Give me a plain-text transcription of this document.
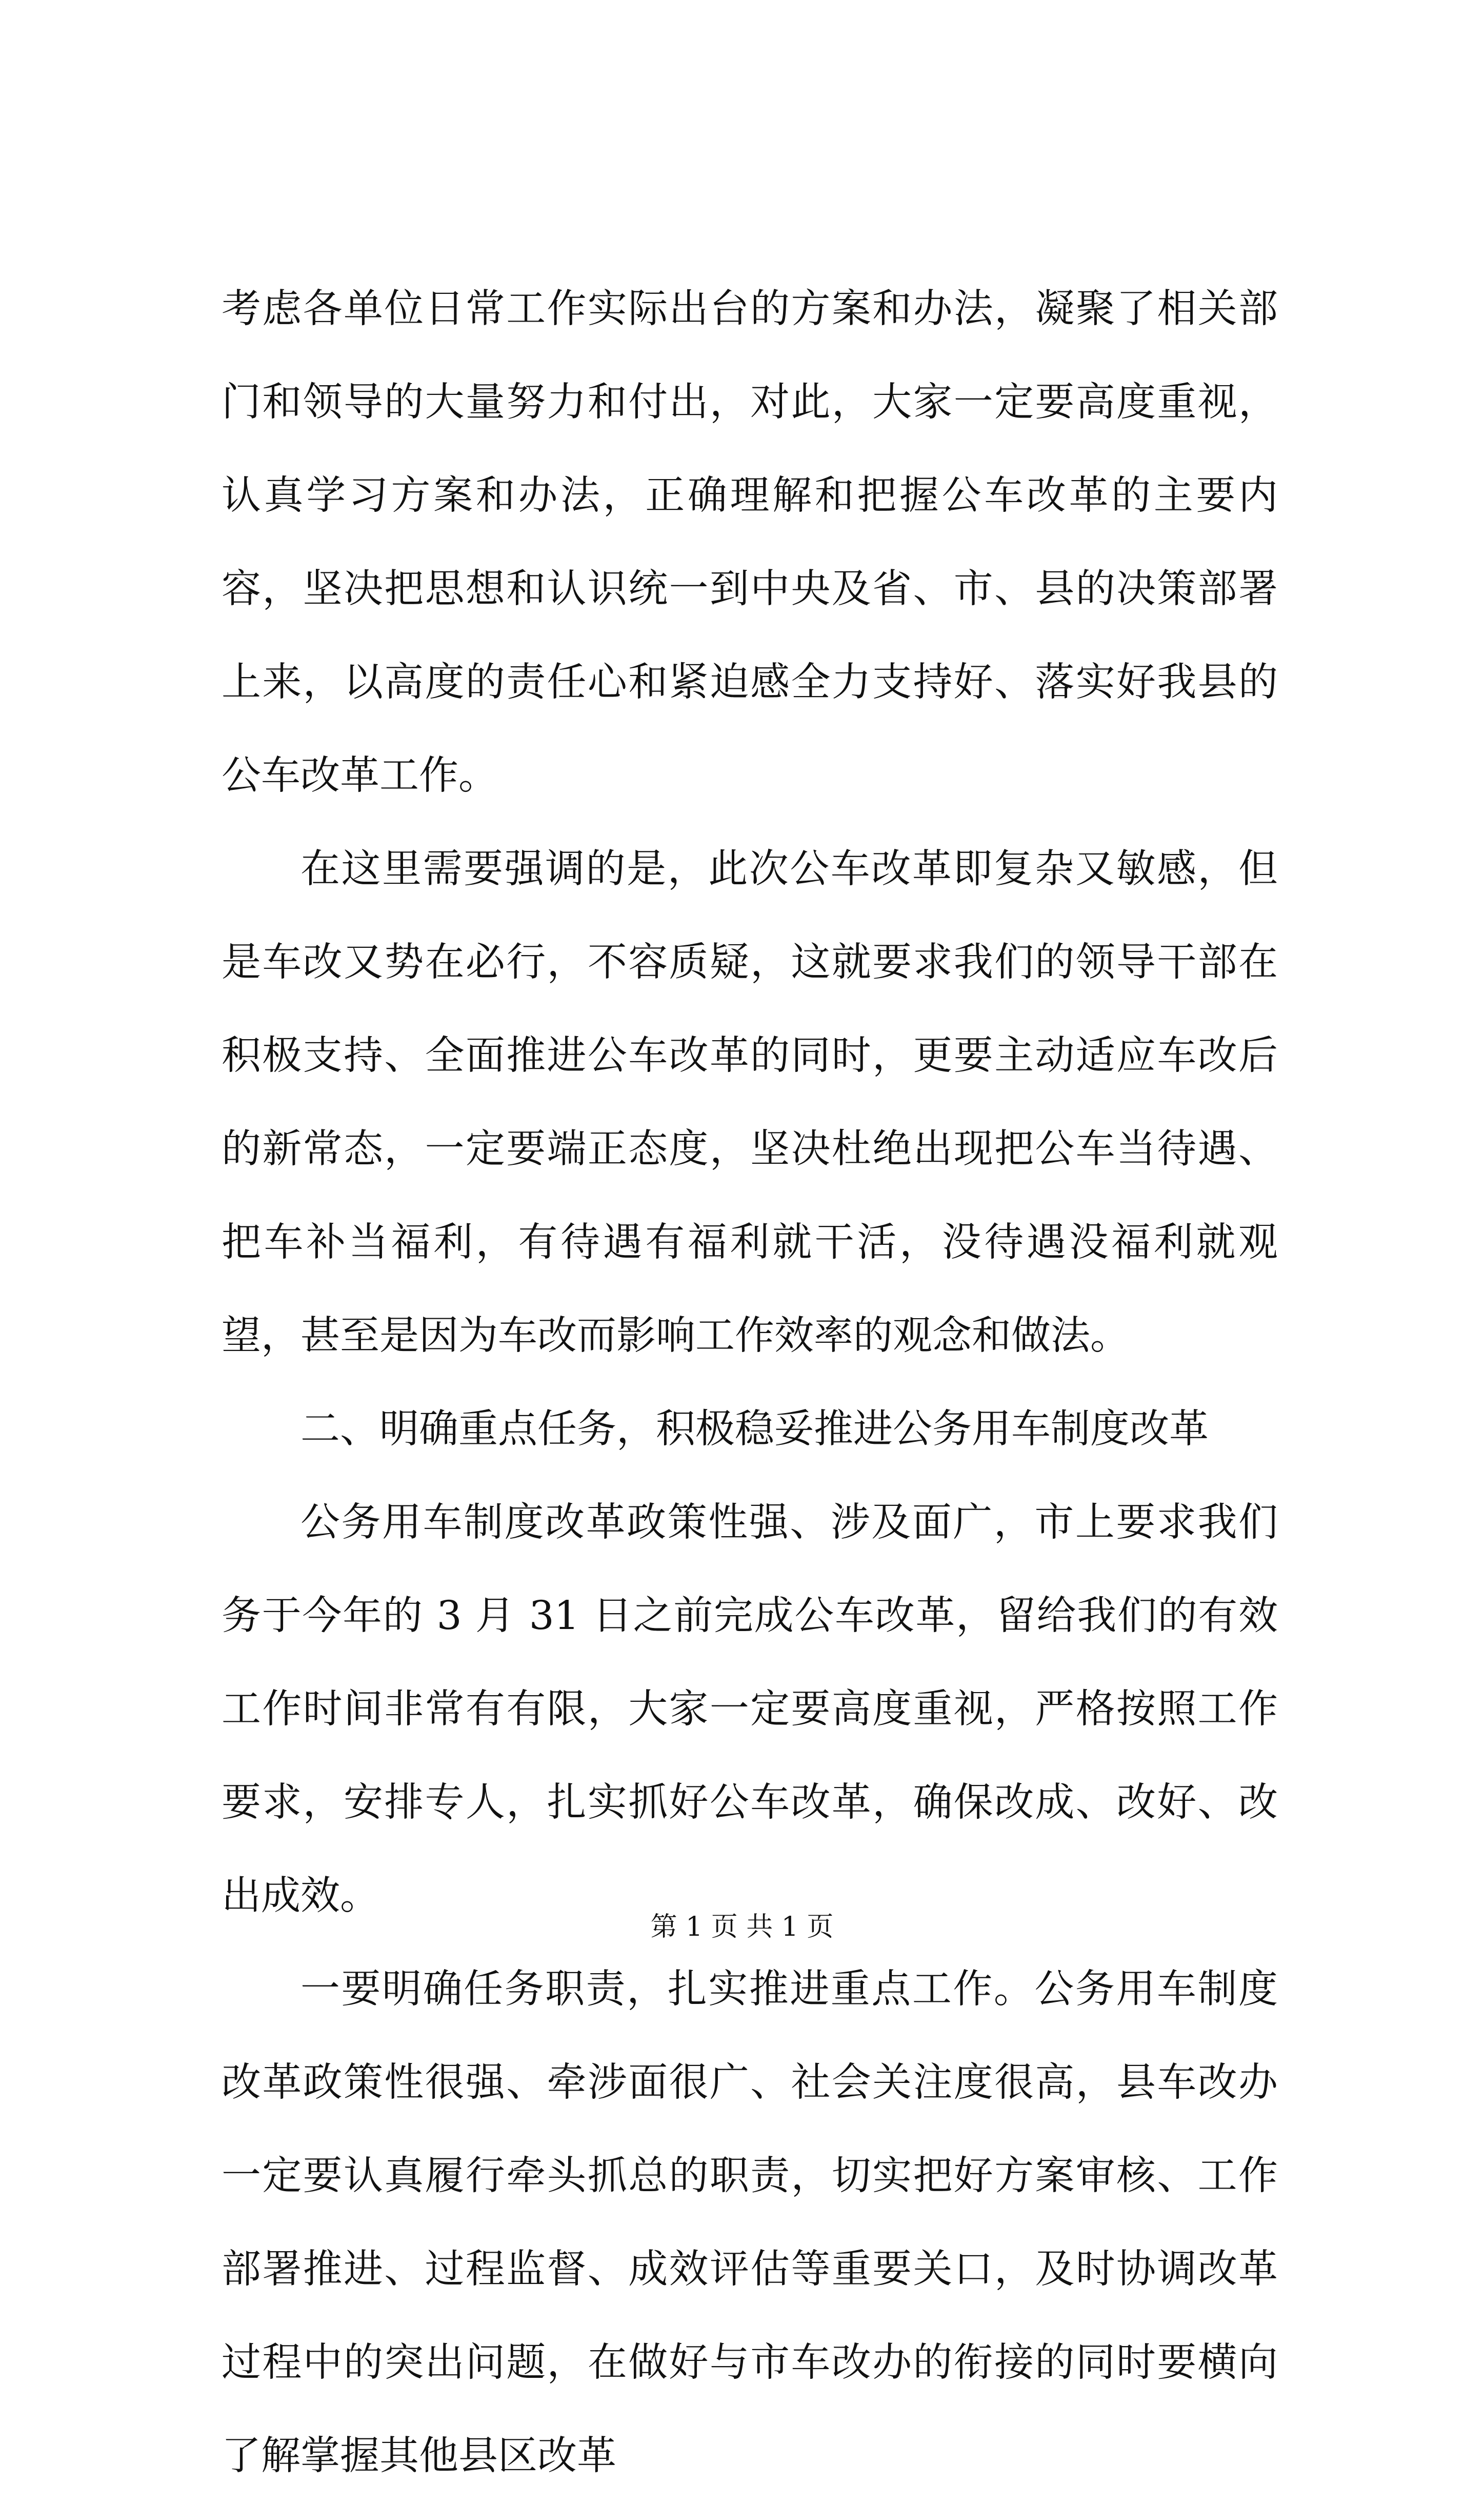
考虑各单位日常工作实际出台的方案和办法，凝聚了相关部门和领导的大量努力和付出，对此，大家一定要高度重视，认真学习方案和办法，正确理解和把握公车改革的主要内容，坚决把思想和认识统一到中央及省、市、县的决策部署上来，以高度的责任心和紧迫感全力支持好、落实好我县的公车改革工作。

在这里需要强调的是，此次公车改革即复杂又敏感，但是车改又势在必行，不容质疑，这就要求我们的领导干部在积极支持、全面推进公车改革的同时，更要主动适应车改后的新常态，一定要端正态度，坚决杜绝出现把公车当待遇、把车补当福利，有待遇有福利就干活，没待遇没福利就观望，甚至是因为车改而影响工作效率的观念和做法。

二、明确重点任务，积极稳妥推进公务用车制度改革

公务用车制度改革政策性强、涉及面广，市上要求我们务于今年的 3 月 31 日之前完成公车改革，留给我们的有效工作时间非常有有限，大家一定要高度重视，严格按照工作要求，安排专人，扎实抓好公车改革，确保改成、改好、改出成效。

一要明确任务职责，扎实推进重点工作。公务用车制度改革政策性很强、牵涉面很广、社会关注度很高，县车改办一定要认真履行牵头抓总的职责，切实把好方案审核、工作部署推进、过程监督、成效评估等重要关口，及时协调改革过程中的突出问题，在做好与市车改办的衔接的同时要横向了解掌握其他县区改革

第 1 页 共 1 页
